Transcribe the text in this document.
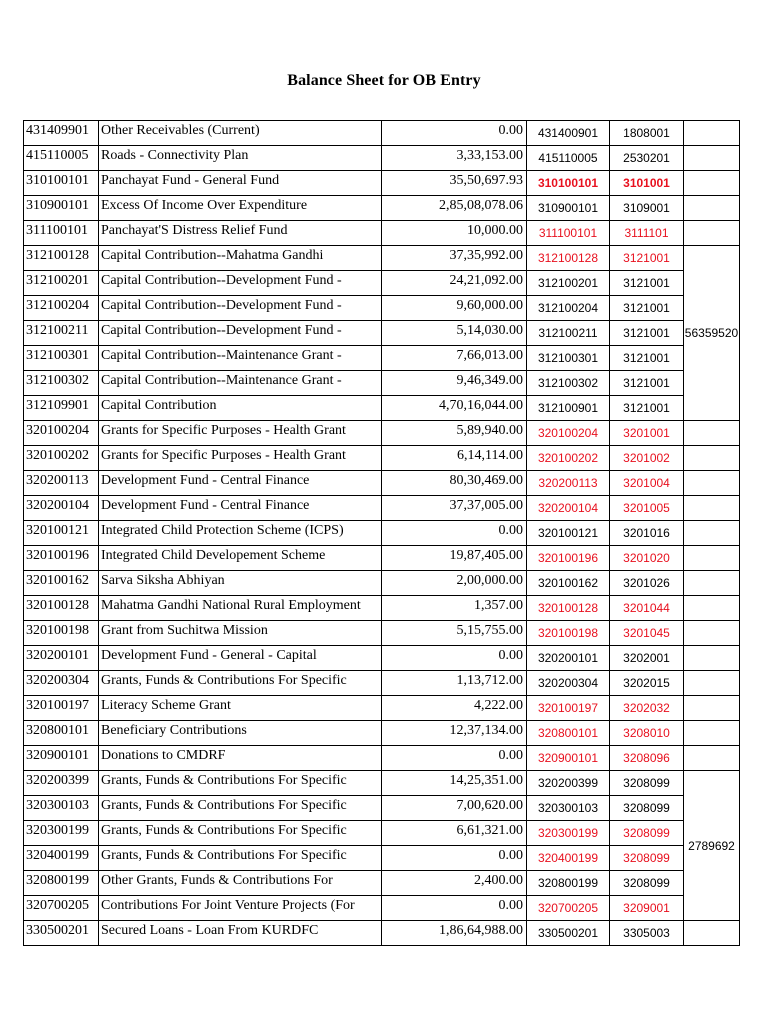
Balance Sheet for OB Entry
431409901	Other Receivables (Current)	0.00	431400901	1808001	
415110005	Roads - Connectivity Plan	3,33,153.00	415110005	2530201	
310100101	Panchayat Fund - General Fund	35,50,697.93	310100101	3101001	
310900101	Excess Of Income Over Expenditure	2,85,08,078.06	310900101	3109001	
311100101	Panchayat'S Distress Relief Fund	10,000.00	311100101	3111101	
312100128	Capital Contribution--Mahatma Gandhi	37,35,992.00	312100128	3121001	56359520
312100201	Capital Contribution--Development Fund -	24,21,092.00	312100201	3121001	
312100204	Capital Contribution--Development Fund -	9,60,000.00	312100204	3121001	
312100211	Capital Contribution--Development Fund -	5,14,030.00	312100211	3121001	
312100301	Capital Contribution--Maintenance Grant -	7,66,013.00	312100301	3121001	
312100302	Capital Contribution--Maintenance Grant -	9,46,349.00	312100302	3121001	
312109901	Capital Contribution	4,70,16,044.00	312100901	3121001	
320100204	Grants for Specific Purposes - Health Grant	5,89,940.00	320100204	3201001	
320100202	Grants for Specific Purposes - Health Grant	6,14,114.00	320100202	3201002	
320200113	Development Fund - Central Finance	80,30,469.00	320200113	3201004	
320200104	Development Fund - Central Finance	37,37,005.00	320200104	3201005	
320100121	Integrated Child Protection Scheme (ICPS)	0.00	320100121	3201016	
320100196	Integrated Child Developement Scheme	19,87,405.00	320100196	3201020	
320100162	Sarva Siksha Abhiyan	2,00,000.00	320100162	3201026	
320100128	Mahatma Gandhi National Rural Employment	1,357.00	320100128	3201044	
320100198	Grant from Suchitwa Mission	5,15,755.00	320100198	3201045	
320200101	Development Fund - General - Capital	0.00	320200101	3202001	
320200304	Grants, Funds & Contributions For Specific	1,13,712.00	320200304	3202015	
320100197	Literacy Scheme Grant	4,222.00	320100197	3202032	
320800101	Beneficiary Contributions	12,37,134.00	320800101	3208010	
320900101	Donations to CMDRF	0.00	320900101	3208096	
320200399	Grants, Funds & Contributions For Specific	14,25,351.00	320200399	3208099	2789692
320300103	Grants, Funds & Contributions For Specific	7,00,620.00	320300103	3208099	
320300199	Grants, Funds & Contributions For Specific	6,61,321.00	320300199	3208099	
320400199	Grants, Funds & Contributions For Specific	0.00	320400199	3208099	
320800199	Other Grants, Funds & Contributions For	2,400.00	320800199	3208099	
320700205	Contributions For Joint Venture Projects (For	0.00	320700205	3209001	
330500201	Secured Loans - Loan From KURDFC	1,86,64,988.00	330500201	3305003	
